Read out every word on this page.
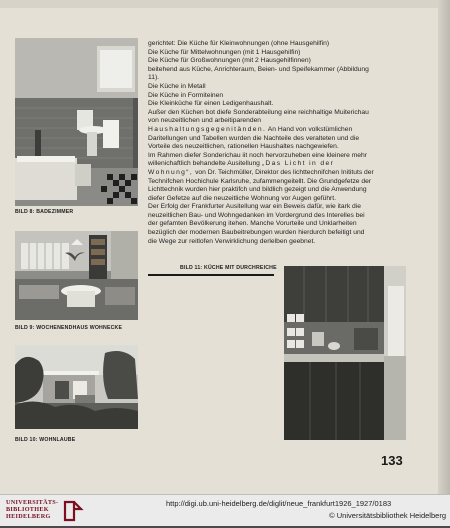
BILD 8: BADEZIMMER
BILD 9: WOCHENENDHAUS WOHNECKE
BILD 10: WOHNLAUBE

gerichtet: Die Küche für Kleinwohnungen (ohne Hausgehilfin)

Die Küche für Mittelwohnungen (mit 1 Hausgehilfin)

Die Küche für Großwohnungen (mit 2 Hausgehilfinnen)

beitehend aus Küche, Anrichteraum, Beien- und Speifekammer (Abbildung 11).

Die Küche in Metall

Die Küche in Formiteinen

Die Kleinküche für einen Ledigenhaushalt.

Außer den Küchen bot diefe Sonderabteilung eine reichhaltige Muiterichau von neuzeitlichen und arbeitiparenden Haushaltungsgegenitänden. An Hand von volkstümlichen Daritellungen und Tabellen wurden die Nachteile des veralteten und die Vorteile des neuzeitlichen, rationellen Haushaltes nachgewiefen.

Im Rahmen diefer Sonderichau iit noch hervorzuheben eine kleinere mehr willenichaftlich behandelte Ausitellung „Das Licht in der Wohnung“, von Dr. Teichmüller, Direktor des lichttechnifchen Initituts der Technifchen Hochichule Karlsruhe, zufammengeitellt. Die Grundgefetze der Lichttechnik wurden hier praktifch und bildlich gezeigt und die Anwendung diefer Gefetze auf die neuzeitliche Wohnung vor Augen geführt.

Der Erfolg der Frankfurter Ausitellung war ein Beweis dafür, wie itark die neuzeitlichen Bau- und Wohngedanken im Vordergrund des Interelles bei der gefamten Bevölkerung itehen. Manche Vorurteile und Unklarheiten bezüglich der modernen Baubeitrebungen wurden hierdurch befeitigt und die Wege zur reitlofen Verwirklichung derlelben geebnet.

BILD 11: KÜCHE MIT DURCHREICHE
133
UNIVERSITÄTS-
BIBLIOTHEK
HEIDELBERG
http://digi.ub.uni-heidelberg.de/diglit/neue_frankfurt1926_1927/0183
© Universitätsbibliothek Heidelberg
